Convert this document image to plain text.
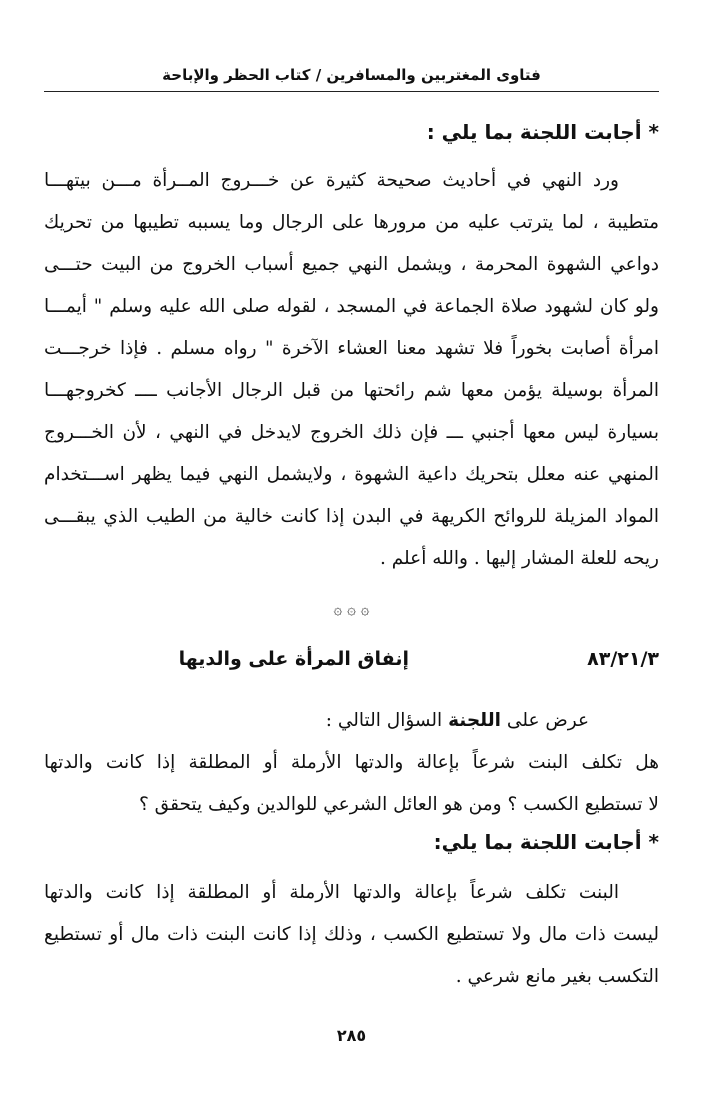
فتاوى المغتربين والمسافرين / كتاب الحظر والإباحة
* أجابت اللجنة بما يلي :
ورد النهي في أحاديث صحيحة كثيرة عن خـــروج المــرأة مـــن بيتهـــا
متطيبة ، لما يترتب عليه من مرورها على الرجال وما يسببه تطيبها من تحريك
دواعي الشهوة المحرمة ، ويشمل النهي جميع أسباب الخروج من البيت حتـــى
ولو كان لشهود صلاة الجماعة في المسجد ، لقوله صلى الله عليه وسلم " أيمـــا
امرأة أصابت بخوراً فلا تشهد معنا العشاء الآخرة " رواه مسلم . فإذا خرجـــت
المرأة بوسيلة يؤمن معها شم رائحتها من قبل الرجال الأجانب ــــ كخروجهـــا
بسيارة ليس معها أجنبي ـــ فإن ذلك الخروج لايدخل في النهي ، لأن الخـــروج
المنهي عنه معلل بتحريك داعية الشهوة ، ولايشمل النهي فيما يظهر اســـتخدام
المواد المزيلة للروائح الكريهة في البدن إذا كانت خالية من الطيب الذي يبقـــى
ريحه للعلة المشار إليها . والله أعلم .
۞ ۞ ۞
٨٣/٢١/٣
إنفاق المرأة على والديها
عرض على اللجنة السؤال التالي :
هل تكلف البنت شرعاً بإعالة والدتها الأرملة أو المطلقة إذا كانت والدتها
لا تستطيع الكسب ؟ ومن هو العائل الشرعي للوالدين وكيف يتحقق ؟
* أجابت اللجنة بما يلي:
البنت تكلف شرعاً بإعالة والدتها الأرملة أو المطلقة إذا كانت والدتها
ليست ذات مال ولا تستطيع الكسب ، وذلك إذا كانت البنت ذات مال أو تستطيع
التكسب بغير مانع شرعي .
٢٨٥
